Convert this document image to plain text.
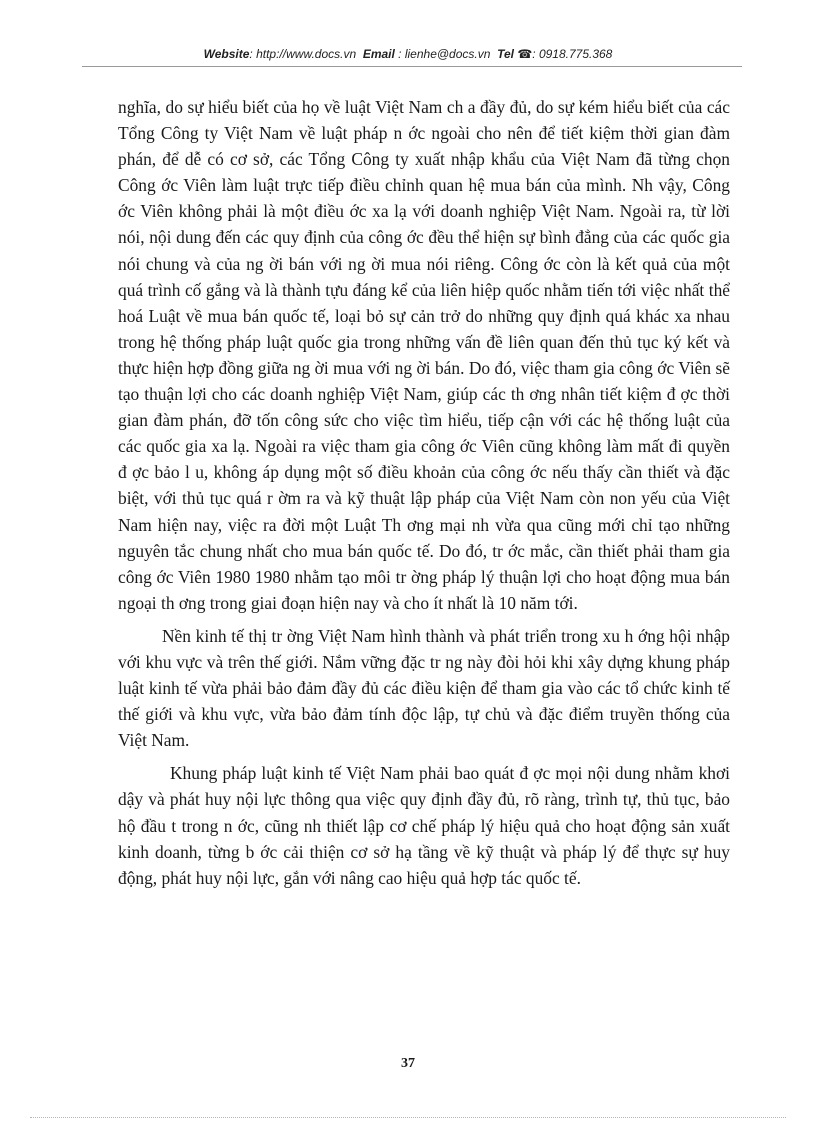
Website: http://www.docs.vn Email : lienhe@docs.vn Tel ☎: 0918.775.368

nghĩa, do sự hiểu biết của họ về luật Việt Nam ch a đầy đủ, do sự kém hiểu biết của các Tổng Công ty Việt Nam về luật pháp n ớc ngoài cho nên để tiết kiệm thời gian đàm phán, để dễ có cơ sở, các Tổng Công ty xuất nhập khẩu của Việt Nam đã từng chọn Công ớc Viên làm luật trực tiếp điều chỉnh quan hệ mua bán của mình. Nh vậy, Công ớc Viên không phải là một điều ớc xa lạ với doanh nghiệp Việt Nam. Ngoài ra, từ lời nói, nội dung đến các quy định của công ớc đều thể hiện sự bình đẳng của các quốc gia nói chung và của ng ời bán với ng ời mua nói riêng. Công ớc còn là kết quả của một quá trình cố gắng và là thành tựu đáng kể của liên hiệp quốc nhằm tiến tới việc nhất thể hoá Luật về mua bán quốc tế, loại bỏ sự cản trở do những quy định quá khác xa nhau trong hệ thống pháp luật quốc gia trong những vấn đề liên quan đến thủ tục ký kết và thực hiện hợp đồng giữa ng ời mua với ng ời bán. Do đó, việc tham gia công ớc Viên sẽ tạo thuận lợi cho các doanh nghiệp Việt Nam, giúp các th ơng nhân tiết kiệm đ ợc thời gian đàm phán, đỡ tốn công sức cho việc tìm hiểu, tiếp cận với các hệ thống luật của các quốc gia xa lạ. Ngoài ra việc tham gia công ớc Viên cũng không làm mất đi quyền đ ợc bảo l u, không áp dụng một số điều khoản của công ớc nếu thấy cần thiết và đặc biệt, với thủ tục quá r ờm ra và kỹ thuật lập pháp của Việt Nam còn non yếu của Việt Nam hiện nay, việc ra đời một Luật Th ơng mại nh vừa qua cũng mới chỉ tạo những nguyên tắc chung nhất cho mua bán quốc tế. Do đó, tr ớc mắc, cần thiết phải tham gia công ớc Viên 1980 1980 nhằm tạo môi tr ờng pháp lý thuận lợi cho hoạt động mua bán ngoại th ơng trong giai đoạn hiện nay và cho ít nhất là 10 năm tới.

Nền kinh tế thị tr ờng Việt Nam hình thành và phát triển trong xu h ớng hội nhập với khu vực và trên thế giới. Nắm vững đặc tr ng này đòi hỏi khi xây dựng khung pháp luật kinh tế vừa phải bảo đảm đầy đủ các điều kiện để tham gia vào các tổ chức kinh tế thế giới và khu vực, vừa bảo đảm tính độc lập, tự chủ và đặc điểm truyền thống của Việt Nam.

Khung pháp luật kinh tế Việt Nam phải bao quát đ ợc mọi nội dung nhằm khơi dậy và phát huy nội lực thông qua việc quy định đầy đủ, rõ ràng, trình tự, thủ tục, bảo hộ đầu t trong n ớc, cũng nh thiết lập cơ chế pháp lý hiệu quả cho hoạt động sản xuất kinh doanh, từng b ớc cải thiện cơ sở hạ tầng về kỹ thuật và pháp lý để thực sự huy động, phát huy nội lực, gắn với nâng cao hiệu quả hợp tác quốc tế.

37
